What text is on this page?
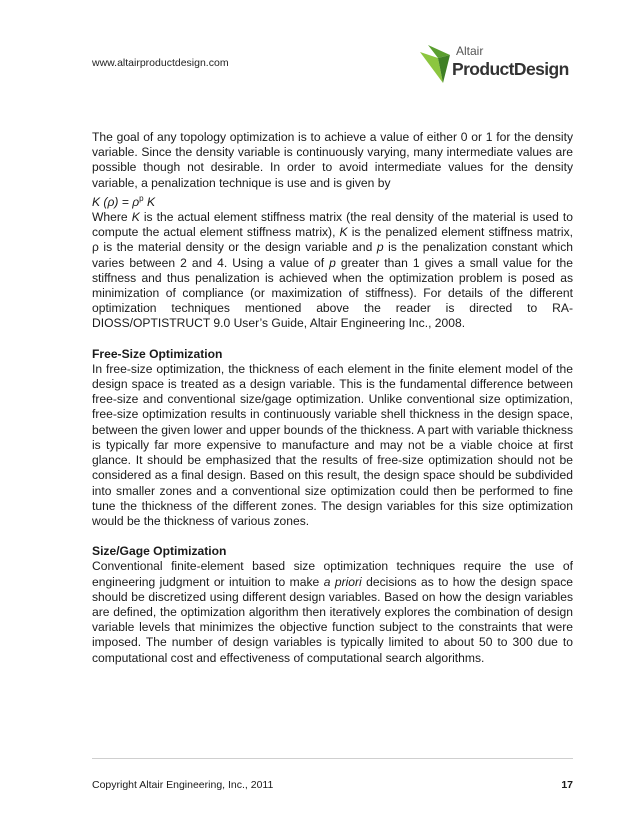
www.altairproductdesign.com
Altair
ProductDesign

The goal of any topology optimization is to achieve a value of either 0 or 1 for the density variable. Since the density variable is continuously varying, many intermediate values are possible though not desirable. In order to avoid intermediate values for the density variable, a penalization technique is use and is given by

K $(\rho) = \rho^p$ K

Where K is the actual element stiffness matrix (the real density of the material is used to compute the actual element stiffness matrix), K is the penalized element stiffness matrix, ρ is the material density or the design variable and p is the penalization constant which varies between 2 and 4. Using a value of p greater than 1 gives a small value for the stiffness and thus penalization is achieved when the optimization problem is posed as minimization of compliance (or maximization of stiffness). For details of the different optimization techniques mentioned above the reader is directed to RA-DIOSS/OPTISTRUCT 9.0 User’s Guide, Altair Engineering Inc., 2008.

Free-Size Optimization

In free-size optimization, the thickness of each element in the finite element model of the design space is treated as a design variable. This is the fundamental difference between free-size and conventional size/gage optimization. Unlike conventional size optimization, free-size optimization results in continuously variable shell thickness in the design space, between the given lower and upper bounds of the thickness. A part with variable thickness is typically far more expensive to manufacture and may not be a viable choice at first glance. It should be emphasized that the results of free-size optimization should not be considered as a final design. Based on this result, the design space should be subdivided into smaller zones and a conventional size optimization could then be performed to fine tune the thickness of the different zones. The design variables for this size optimization would be the thickness of various zones.

Size/Gage Optimization

Conventional finite-element based size optimization techniques require the use of engineering judgment or intuition to make a priori decisions as to how the design space should be discretized using different design variables. Based on how the design variables are defined, the optimization algorithm then iteratively explores the combination of design variable levels that minimizes the objective function subject to the constraints that were imposed. The number of design variables is typically limited to about 50 to 300 due to computational cost and effectiveness of computational search algorithms.

Copyright Altair Engineering, Inc., 2011	17
